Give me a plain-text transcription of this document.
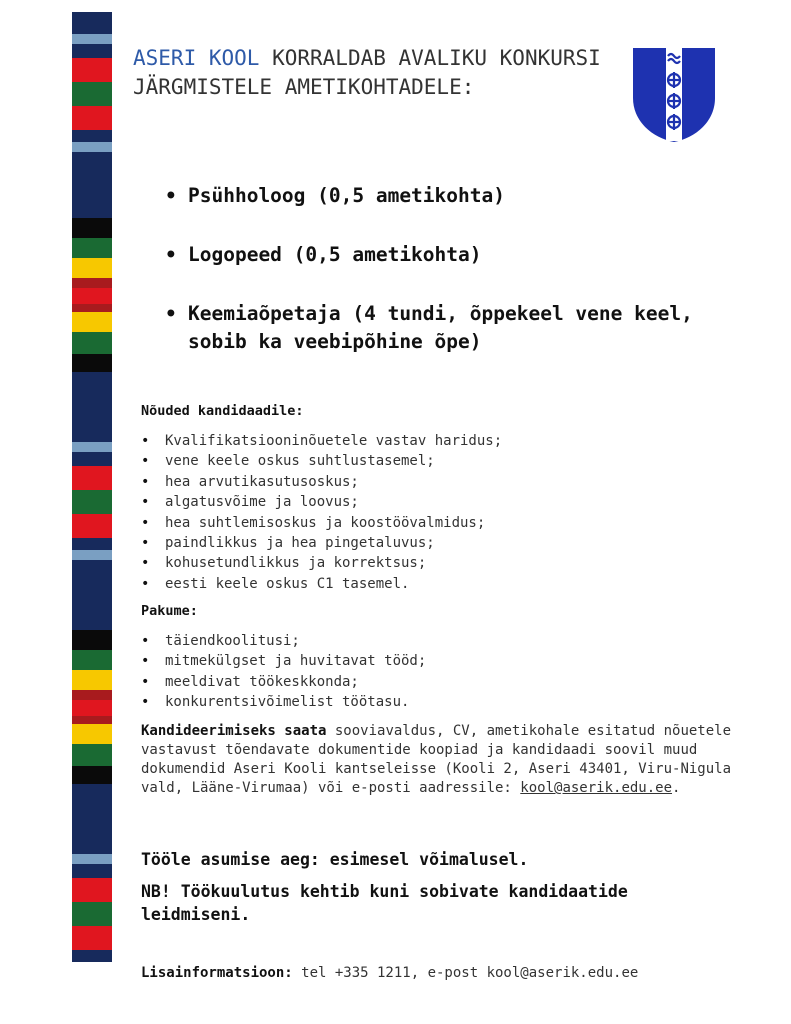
ASERI KOOL KORRALDAB AVALIKU KONKURSI JÄRGMISTELE AMETIKOHTADELE:
• Psühholoog (0,5 ametikohta)
• Logopeed (0,5 ametikohta)
• Keemiaõpetaja (4 tundi, õppekeel vene keel, sobib ka veebipõhine õpe)
Nõuded kandidaadile:
• Kvalifikatsiooninõuetele vastav haridus;
• vene keele oskus suhtlustasemel;
• hea arvutikasutusoskus;
• algatusvõime ja loovus;
• hea suhtlemisoskus ja koostöövalmidus;
• paindlikkus ja hea pingetaluvus;
• kohusetundlikkus ja korrektsus;
• eesti keele oskus C1 tasemel.
Pakume:
• täiendkoolitusi;
• mitmekülgset ja huvitavat tööd;
• meeldivat töökeskkonda;
• konkurentsivõimelist töötasu.
Kandideerimiseks saata sooviavaldus, CV, ametikohale esitatud nõuetele vastavust tõendavate dokumentide koopiad ja kandidaadi soovil muud dokumendid Aseri Kooli kantseleisse (Kooli 2, Aseri 43401, Viru-Nigula vald, Lääne-Virumaa) või e-posti aadressile: kool@aserik.edu.ee.
Tööle asumise aeg: esimesel võimalusel.
NB! Töökuulutus kehtib kuni sobivate kandidaatide leidmiseni.
Lisainformatsioon: tel +335 1211, e-post kool@aserik.edu.ee
